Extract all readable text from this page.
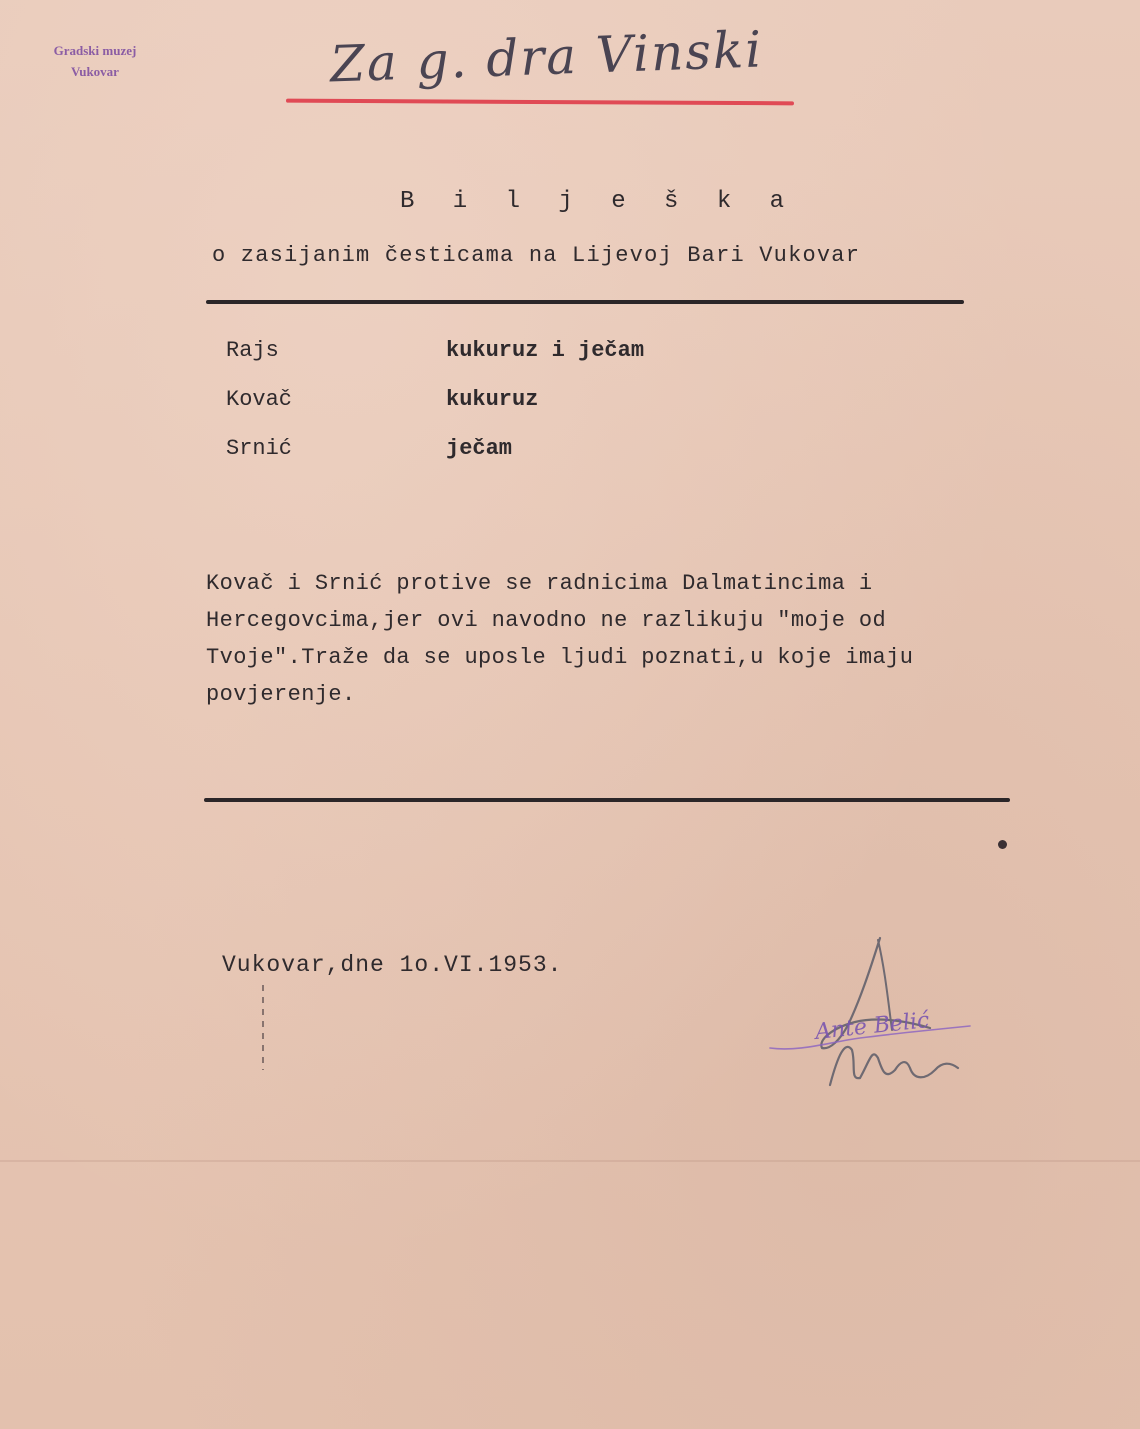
Gradski muzej
Vukovar	Za g. dra Vinski
B i l j e š k a
o zasijanim česticama na Lijevoj Bari Vukovar
Rajs	kukuruz i ječam
Kovač	kukuruz
Srnić	ječam
Kovač i Srnić protive se radnicima Dalmatincima i
Hercegovcima,jer ovi navodno ne razlikuju "moje od
Tvoje".Traže da se uposle ljudi poznati,u koje imaju
povjerenje.
Vukovar,dne 1o.VI.1953.
Ante Belić
